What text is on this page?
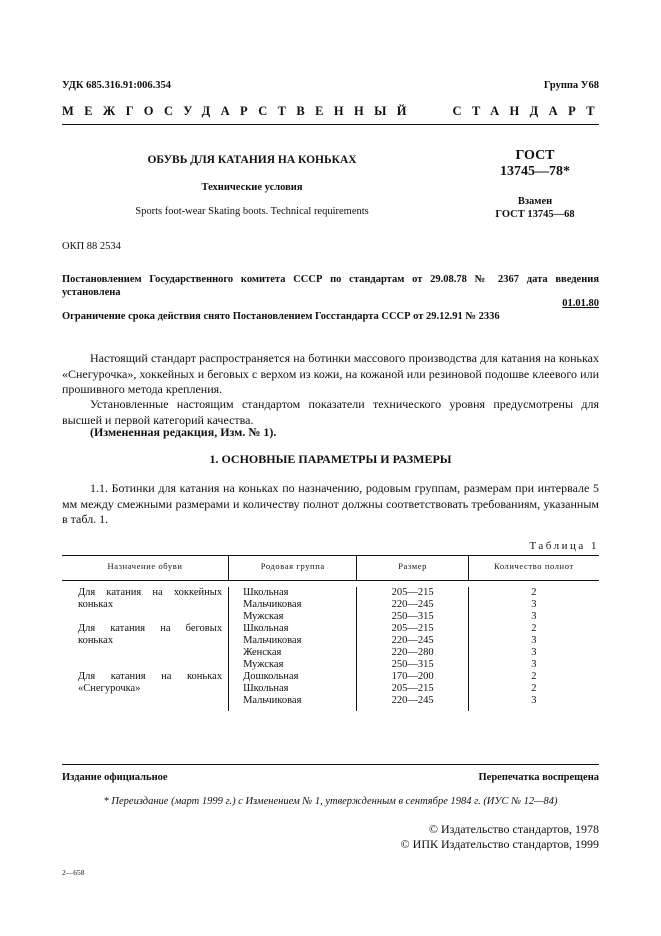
УДК 685.316.91:006.354	Группа У68
МЕЖГОСУДАРСТВЕННЫЙ	СТАНДАРТ
ОБУВЬ ДЛЯ КАТАНИЯ НА КОНЬКАХ
Технические условия
Sports foot-wear Skating boots. Technical requirements
ГОСТ
13745—78*
Взамен
ГОСТ 13745—68
ОКП 88 2534
Постановлением Государственного комитета СССР по стандартам от 29.08.78 № 2367 дата введения
установлена
01.01.80
Ограничение срока действия снято Постановлением Госстандарта СССР от 29.12.91 № 2336
Настоящий стандарт распространяется на ботинки массового производства для катания на коньках «Снегурочка», хоккейных и беговых с верхом из кожи, на кожаной или резиновой подошве клеевого или прошивного метода крепления.
Установленные настоящим стандартом показатели технического уровня предусмотрены для высшей и первой категорий качества.
(Измененная редакция, Изм. № 1).
1. ОСНОВНЫЕ ПАРАМЕТРЫ И РАЗМЕРЫ
1.1. Ботинки для катания на коньках по назначению, родовым группам, размерам при интервале 5 мм между смежными размерами и количеству полнот должны соответствовать требованиям, указанным в табл. 1.
Таблица 1
Назначение обуви	Родовая группа	Размер	Количество полнот

Для катания на хоккейных коньках	Школьная	205—215	2
	Мальчиковая	220—245	3
	Мужская	250—315	3
Для катания на беговых коньках	Школьная	205—215	2
	Мальчиковая	220—245	3
	Женская	220—280	3
	Мужская	250—315	3
Для катания на коньках «Снегурочка»	Дошкольная	170—200	2
	Школьная	205—215	2
	Мальчиковая	220—245	3
Издание официальное	Перепечатка воспрещена
* Переиздание (март 1999 г.) с Изменением № 1, утвержденным в сентябре 1984 г. (ИУС № 12—84)
© Издательство стандартов, 1978
© ИПК Издательство стандартов, 1999
2—658
